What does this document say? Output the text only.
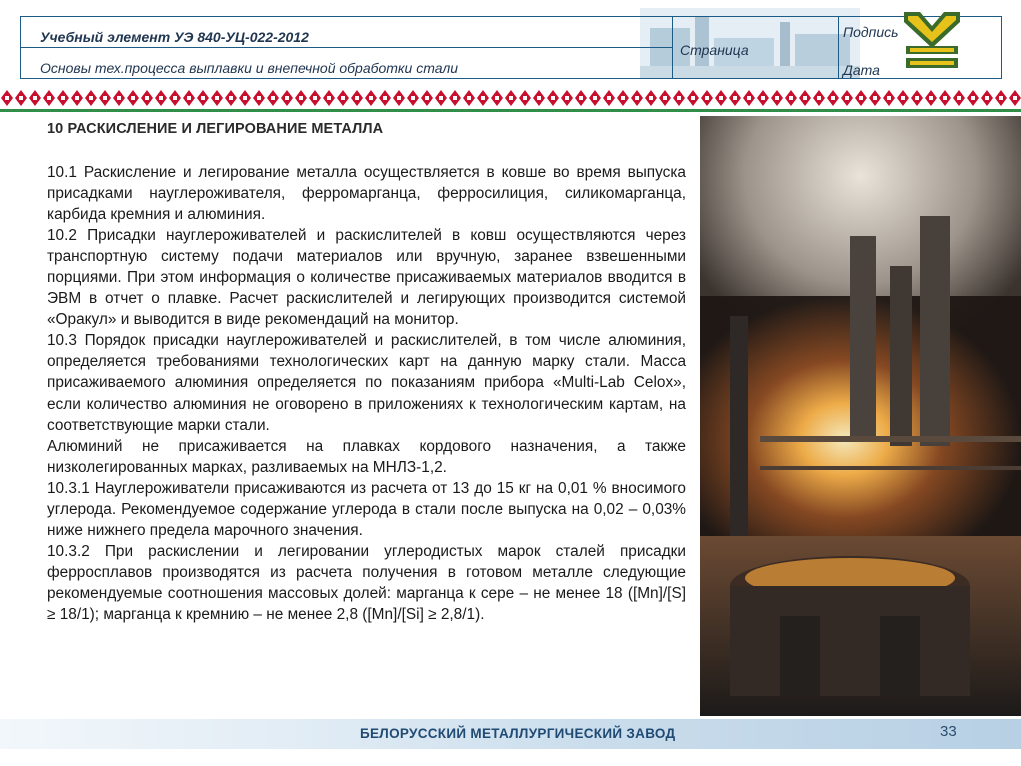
Учебный элемент УЭ 840-УЦ-022-2012
Основы тех.процесса выплавки и внепечной обработки стали
Страница
Подпись
Дата
10 РАСКИСЛЕНИЕ И ЛЕГИРОВАНИЕ МЕТАЛЛА

10.1 Раскисление и легирование металла осуществляется в ковше во время выпуска присадками науглероживателя, ферромарганца, ферросилиция, силикомарганца, карбида кремния и алюминия.

10.2 Присадки науглероживателей и раскислителей в ковш осуществляются через транспортную систему подачи материалов или вручную, заранее взвешенными порциями. При этом информация о количестве присаживаемых материалов вводится в ЭВМ в отчет о плавке. Расчет раскислителей и легирующих производится системой «Оракул» и выводится в виде рекомендаций на монитор.

10.3 Порядок присадки науглероживателей и раскислителей, в том числе алюминия, определяется требованиями технологических карт на данную марку стали. Масса присаживаемого алюминия определяется по показаниям прибора «Multi-Lab Celox», если количество алюминия не оговорено в приложениях к технологическим картам, на соответствующие марки стали.

Алюминий не присаживается на плавках кордового назначения, а также низколегированных марках, разливаемых на МНЛЗ-1,2.

10.3.1 Науглероживатели присаживаются из расчета от 13 до 15 кг на 0,01 % вносимого углерода. Рекомендуемое содержание углерода в стали после выпуска на 0,02 – 0,03% ниже нижнего предела марочного значения.

10.3.2 При раскислении и легировании углеродистых марок сталей присадки ферросплавов производятся из расчета получения в готовом металле следующие рекомендуемые соотношения массовых долей: марганца к сере – не менее 18 ([Mn]/[S] ≥ 18/1); марганца к кремнию – не менее 2,8 ([Mn]/[Si] ≥ 2,8/1).

БЕЛОРУССКИЙ МЕТАЛЛУРГИЧЕСКИЙ ЗАВОД	33
